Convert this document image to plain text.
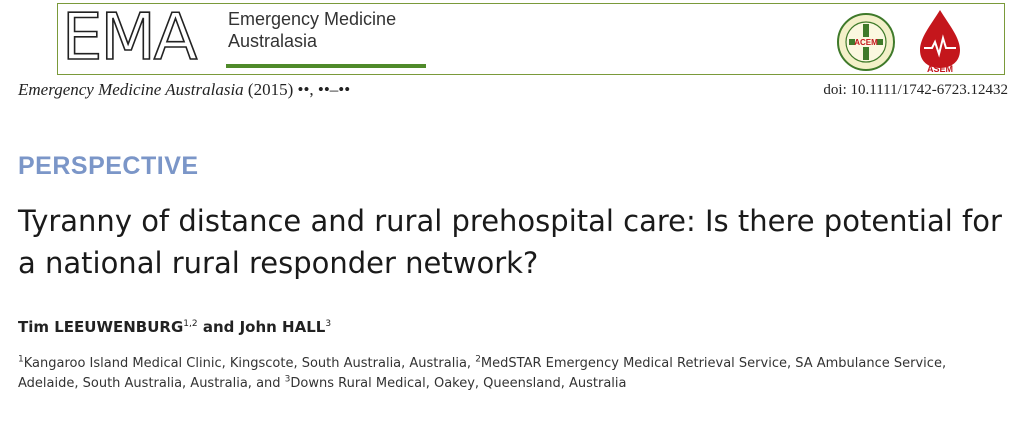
EMA Emergency Medicine
Australasia	ACEM
ASEM
Emergency Medicine Australasia (2015) ••, ••–••	doi: 10.1111/1742-6723.12432
PERSPECTIVE
Tyranny of distance and rural prehospital care: Is there potential for a national rural responder network?
Tim LEEUWENBURG$^{1,2}$ and John HALL$^3$
$^1$Kangaroo Island Medical Clinic, Kingscote, South Australia, Australia, $^2$MedSTAR Emergency Medical Retrieval Service, SA Ambulance Service, Adelaide, South Australia, Australia, and $^3$Downs Rural Medical, Oakey, Queensland, Australia
